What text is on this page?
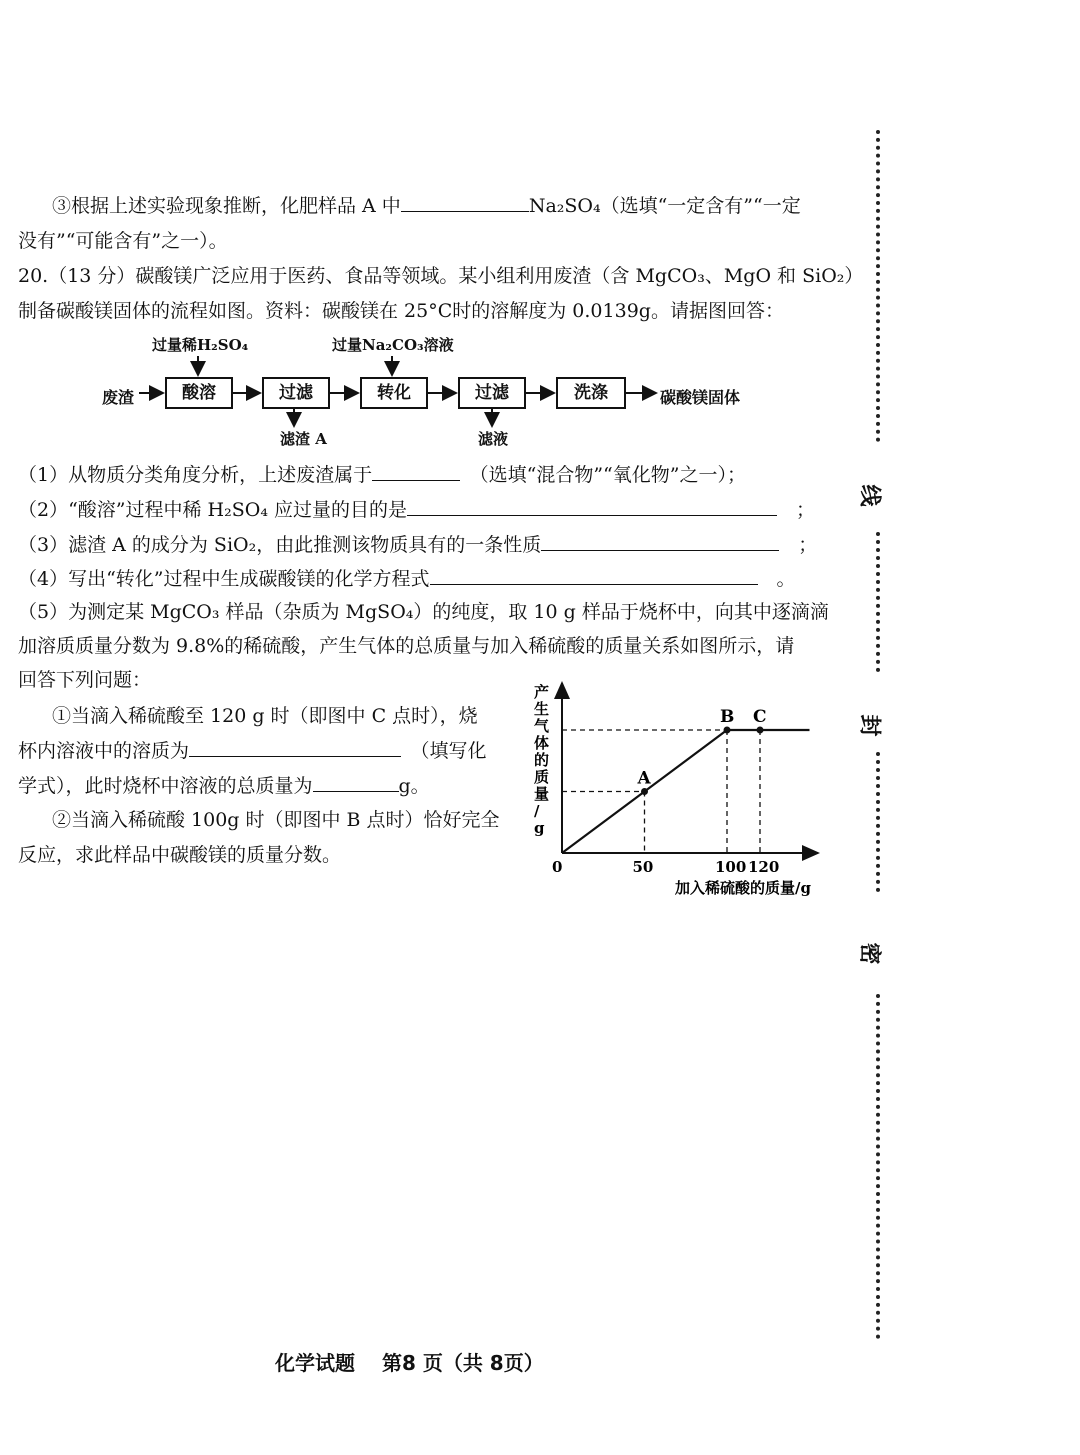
③根据上述实验现象推断，化肥样品 A 中	Na₂SO₄（选填“一定含有”“一定
没有”“可能含有”之一）。
20.（13 分）碳酸镁广泛应用于医药、食品等领域。某小组利用废渣（含 MgCO₃、MgO 和 SiO₂）
制备碳酸镁固体的流程如图。资料：碳酸镁在 25°C时的溶解度为 0.0139g。请据图回答：
过量稀H₂SO₄	过量Na₂CO₃溶液
废渣	酸溶	过滤	转化	过滤	洗涤	碳酸镁固体
滤渣 A	滤液
（1）从物质分类角度分析，上述废渣属于　	（选填“混合物”“氧化物”之一）；
（2）“酸溶”过程中稀 H₂SO₄ 应过量的目的是　	；
（3）滤渣 A 的成分为 SiO₂，由此推测该物质具有的一条性质　	；
（4）写出“转化”过程中生成碳酸镁的化学方程式　	。
（5）为测定某 MgCO₃ 样品（杂质为 MgSO₄）的纯度，取 10 g 样品于烧杯中，向其中逐滴滴
加溶质质量分数为 9.8%的稀硫酸，产生气体的总质量与加入稀硫酸的质量关系如图所示，请
回答下列问题：
①当滴入稀硫酸至 120 g 时（即图中 C 点时），烧
杯内溶液中的溶质为　	（填写化
学式），此时烧杯中溶液的总质量为	g。
②当滴入稀硫酸 100g 时（即图中 B 点时）恰好完全
反应，求此样品中碳酸镁的质量分数。
产
生
气
体
的
质
量
/
g
0	50	100 120
A
B C
加入稀硫酸的质量/g
线
封
密
化学试题　 第8 页（共 8页）
